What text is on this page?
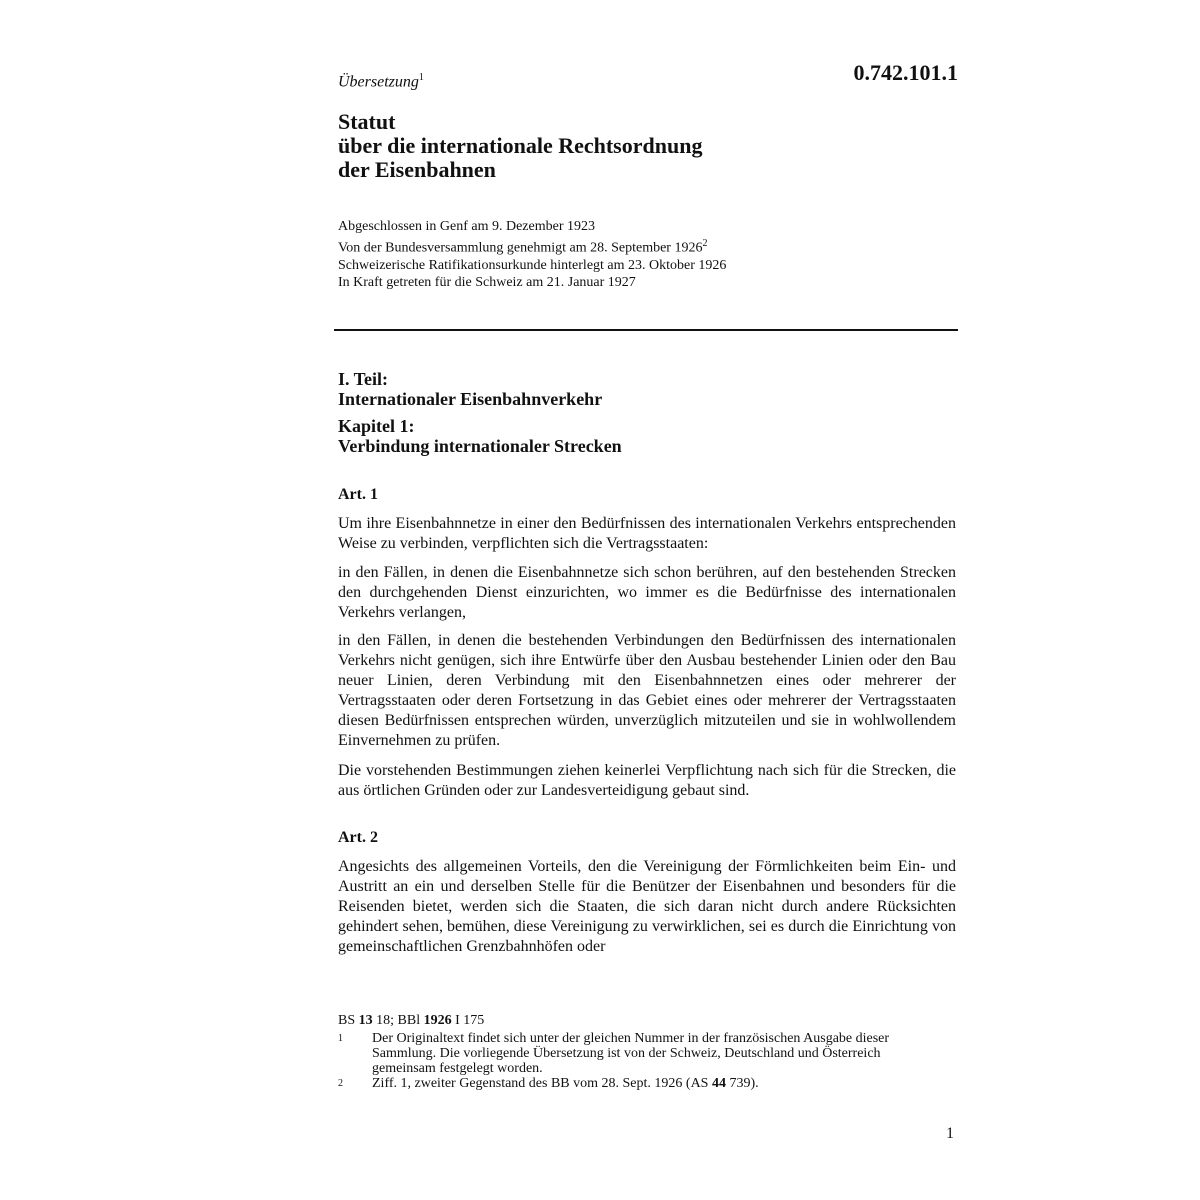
Übersetzung$^1$	0.742.101.1
Statut
über die internationale Rechtsordnung
der Eisenbahnen
Abgeschlossen in Genf am 9. Dezember 1923
Von der Bundesversammlung genehmigt am 28. September 1926$^2$
Schweizerische Ratifikationsurkunde hinterlegt am 23. Oktober 1926
In Kraft getreten für die Schweiz am 21. Januar 1927
I. Teil:
Internationaler Eisenbahnverkehr
Kapitel 1:
Verbindung internationaler Strecken
Art. 1

Um ihre Eisenbahnnetze in einer den Bedürfnissen des internationalen Verkehrs entsprechenden Weise zu verbinden, verpflichten sich die Vertragsstaaten:

in den Fällen, in denen die Eisenbahnnetze sich schon berühren, auf den bestehenden Strecken den durchgehenden Dienst einzurichten, wo immer es die Bedürfnisse des internationalen Verkehrs verlangen,

in den Fällen, in denen die bestehenden Verbindungen den Bedürfnissen des internationalen Verkehrs nicht genügen, sich ihre Entwürfe über den Ausbau bestehender Linien oder den Bau neuer Linien, deren Verbindung mit den Eisenbahnnetzen eines oder mehrerer der Vertragsstaaten oder deren Fortsetzung in das Gebiet eines oder mehrerer der Vertragsstaaten diesen Bedürfnissen entsprechen würden, unverzüglich mitzuteilen und sie in wohlwollendem Einvernehmen zu prüfen.

Die vorstehenden Bestimmungen ziehen keinerlei Verpflichtung nach sich für die Strecken, die aus örtlichen Gründen oder zur Landesverteidigung gebaut sind.

Art. 2

Angesichts des allgemeinen Vorteils, den die Vereinigung der Förmlichkeiten beim Ein- und Austritt an ein und derselben Stelle für die Benützer der Eisenbahnen und besonders für die Reisenden bietet, werden sich die Staaten, die sich daran nicht durch andere Rücksichten gehindert sehen, bemühen, diese Vereinigung zu verwirklichen, sei es durch die Einrichtung von gemeinschaftlichen Grenzbahnhöfen oder

BS 13 18; BBl 1926 I 175
1	Der Originaltext findet sich unter der gleichen Nummer in der französischen Ausgabe dieser Sammlung. Die vorliegende Übersetzung ist von der Schweiz, Deutschland und Österreich gemeinsam festgelegt worden.
2	Ziff. 1, zweiter Gegenstand des BB vom 28. Sept. 1926 (AS 44 739).
1
